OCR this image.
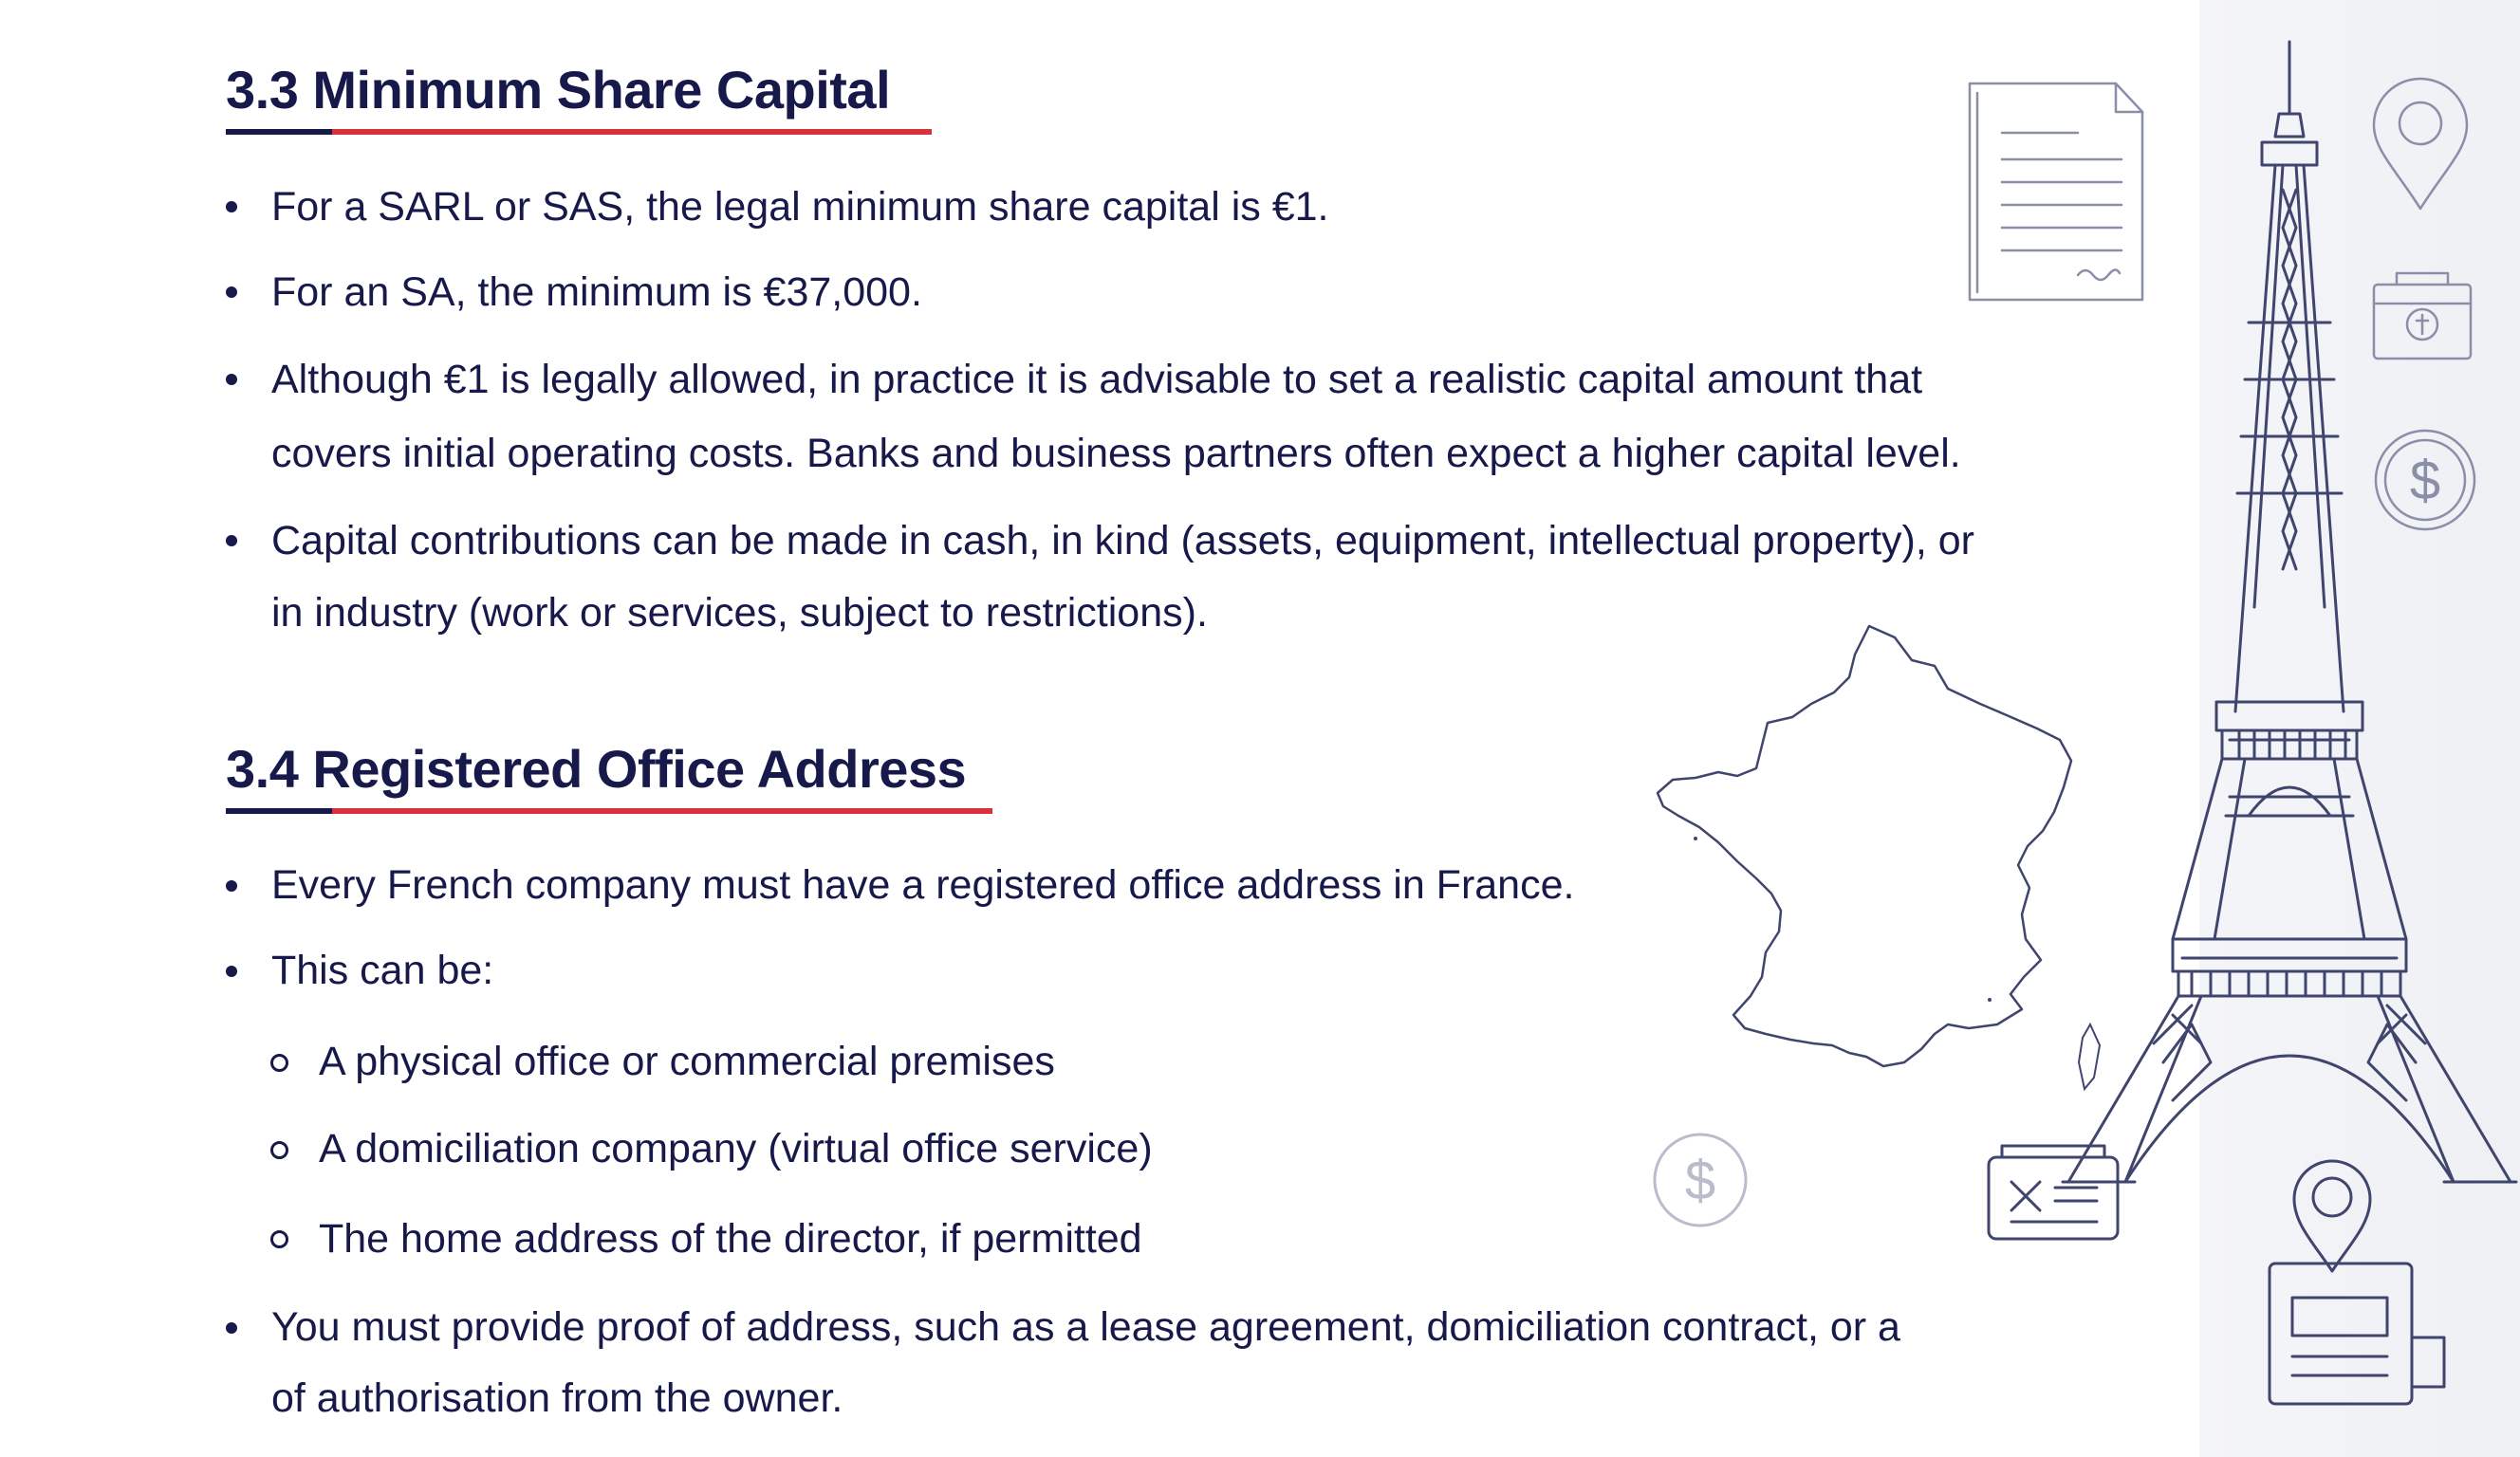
3.3 Minimum Share Capital
For a SARL or SAS, the legal minimum share capital is €1.
For an SA, the minimum is €37,000.
Although €1 is legally allowed, in practice it is advisable to set a realistic capital amount that
covers initial operating costs. Banks and business partners often expect a higher capital level.
Capital contributions can be made in cash, in kind (assets, equipment, intellectual property), or
in industry (work or services, subject to restrictions).
3.4 Registered Office Address
Every French company must have a registered office address in France.
This can be:
A physical office or commercial premises
A domiciliation company (virtual office service)
The home address of the director, if permitted
You must provide proof of address, such as a lease agreement, domiciliation contract, or a
of authorisation from the owner.
$
$
